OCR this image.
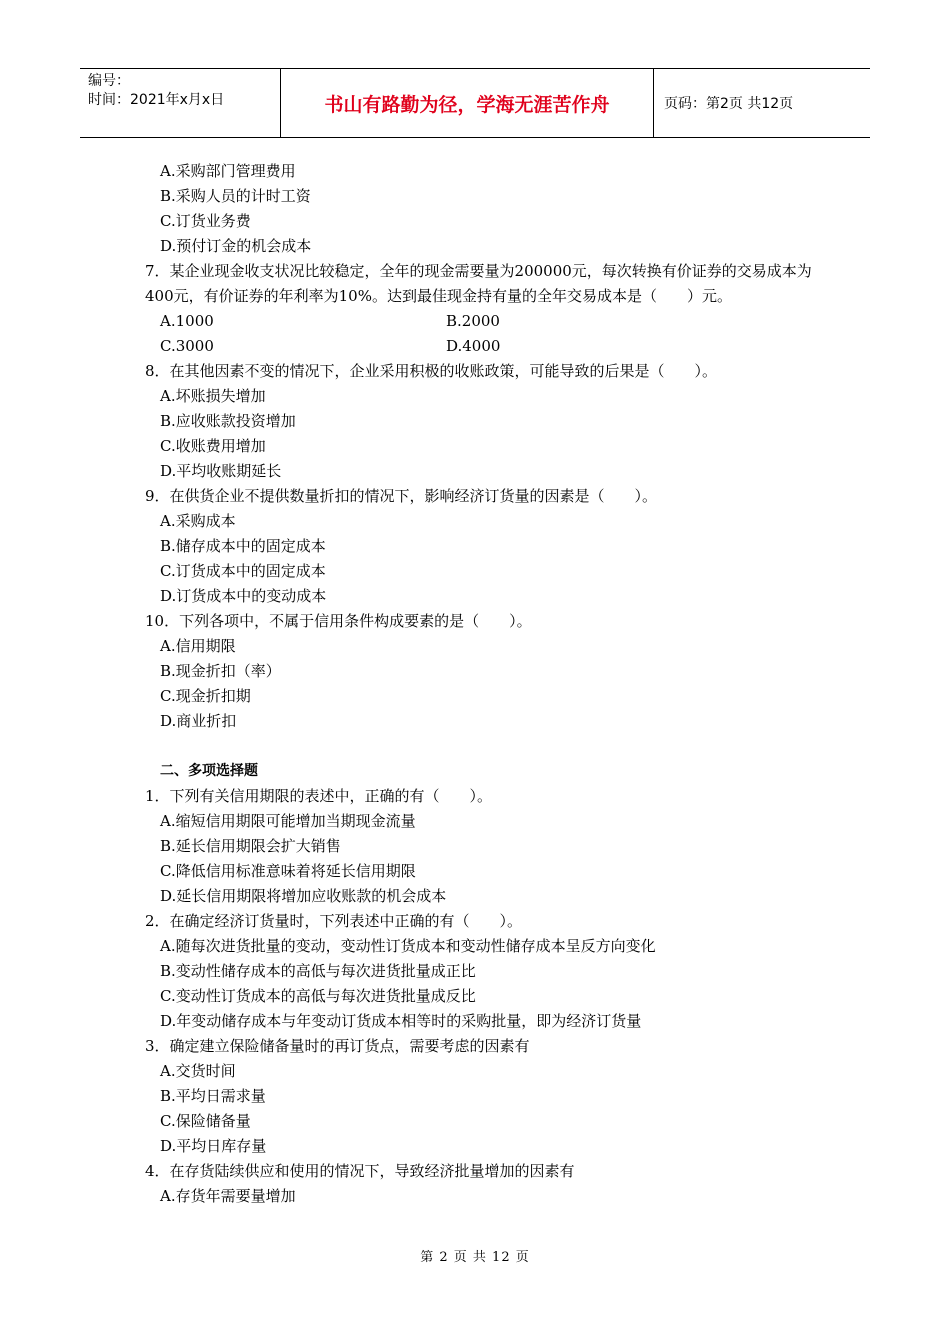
编号：
时间：2021年x月x日	书山有路勤为径，学海无涯苦作舟	页码：第2页 共12页
A.采购部门管理费用
B.采购人员的计时工资
C.订货业务费
D.预付订金的机会成本
7．某企业现金收支状况比较稳定，全年的现金需要量为200000元，每次转换有价证券的交易成本为400元，有价证券的年利率为10%。达到最佳现金持有量的全年交易成本是（　　）元。
A.1000	B.2000
C.3000	D.4000
8．在其他因素不变的情况下，企业采用积极的收账政策，可能导致的后果是（　　）。
A.坏账损失增加
B.应收账款投资增加
C.收账费用增加
D.平均收账期延长
9．在供货企业不提供数量折扣的情况下，影响经济订货量的因素是（　　）。
A.采购成本
B.储存成本中的固定成本
C.订货成本中的固定成本
D.订货成本中的变动成本
10．下列各项中，不属于信用条件构成要素的是（　　）。
A.信用期限
B.现金折扣（率）
C.现金折扣期
D.商业折扣
二、多项选择题
1．下列有关信用期限的表述中，正确的有（　　）。
A.缩短信用期限可能增加当期现金流量
B.延长信用期限会扩大销售
C.降低信用标准意味着将延长信用期限
D.延长信用期限将增加应收账款的机会成本
2．在确定经济订货量时，下列表述中正确的有（　　）。
A.随每次进货批量的变动，变动性订货成本和变动性储存成本呈反方向变化
B.变动性储存成本的高低与每次进货批量成正比
C.变动性订货成本的高低与每次进货批量成反比
D.年变动储存成本与年变动订货成本相等时的采购批量，即为经济订货量
3．确定建立保险储备量时的再订货点，需要考虑的因素有
A.交货时间
B.平均日需求量
C.保险储备量
D.平均日库存量
4．在存货陆续供应和使用的情况下，导致经济批量增加的因素有
A.存货年需要量增加
第 2 页 共 12 页
